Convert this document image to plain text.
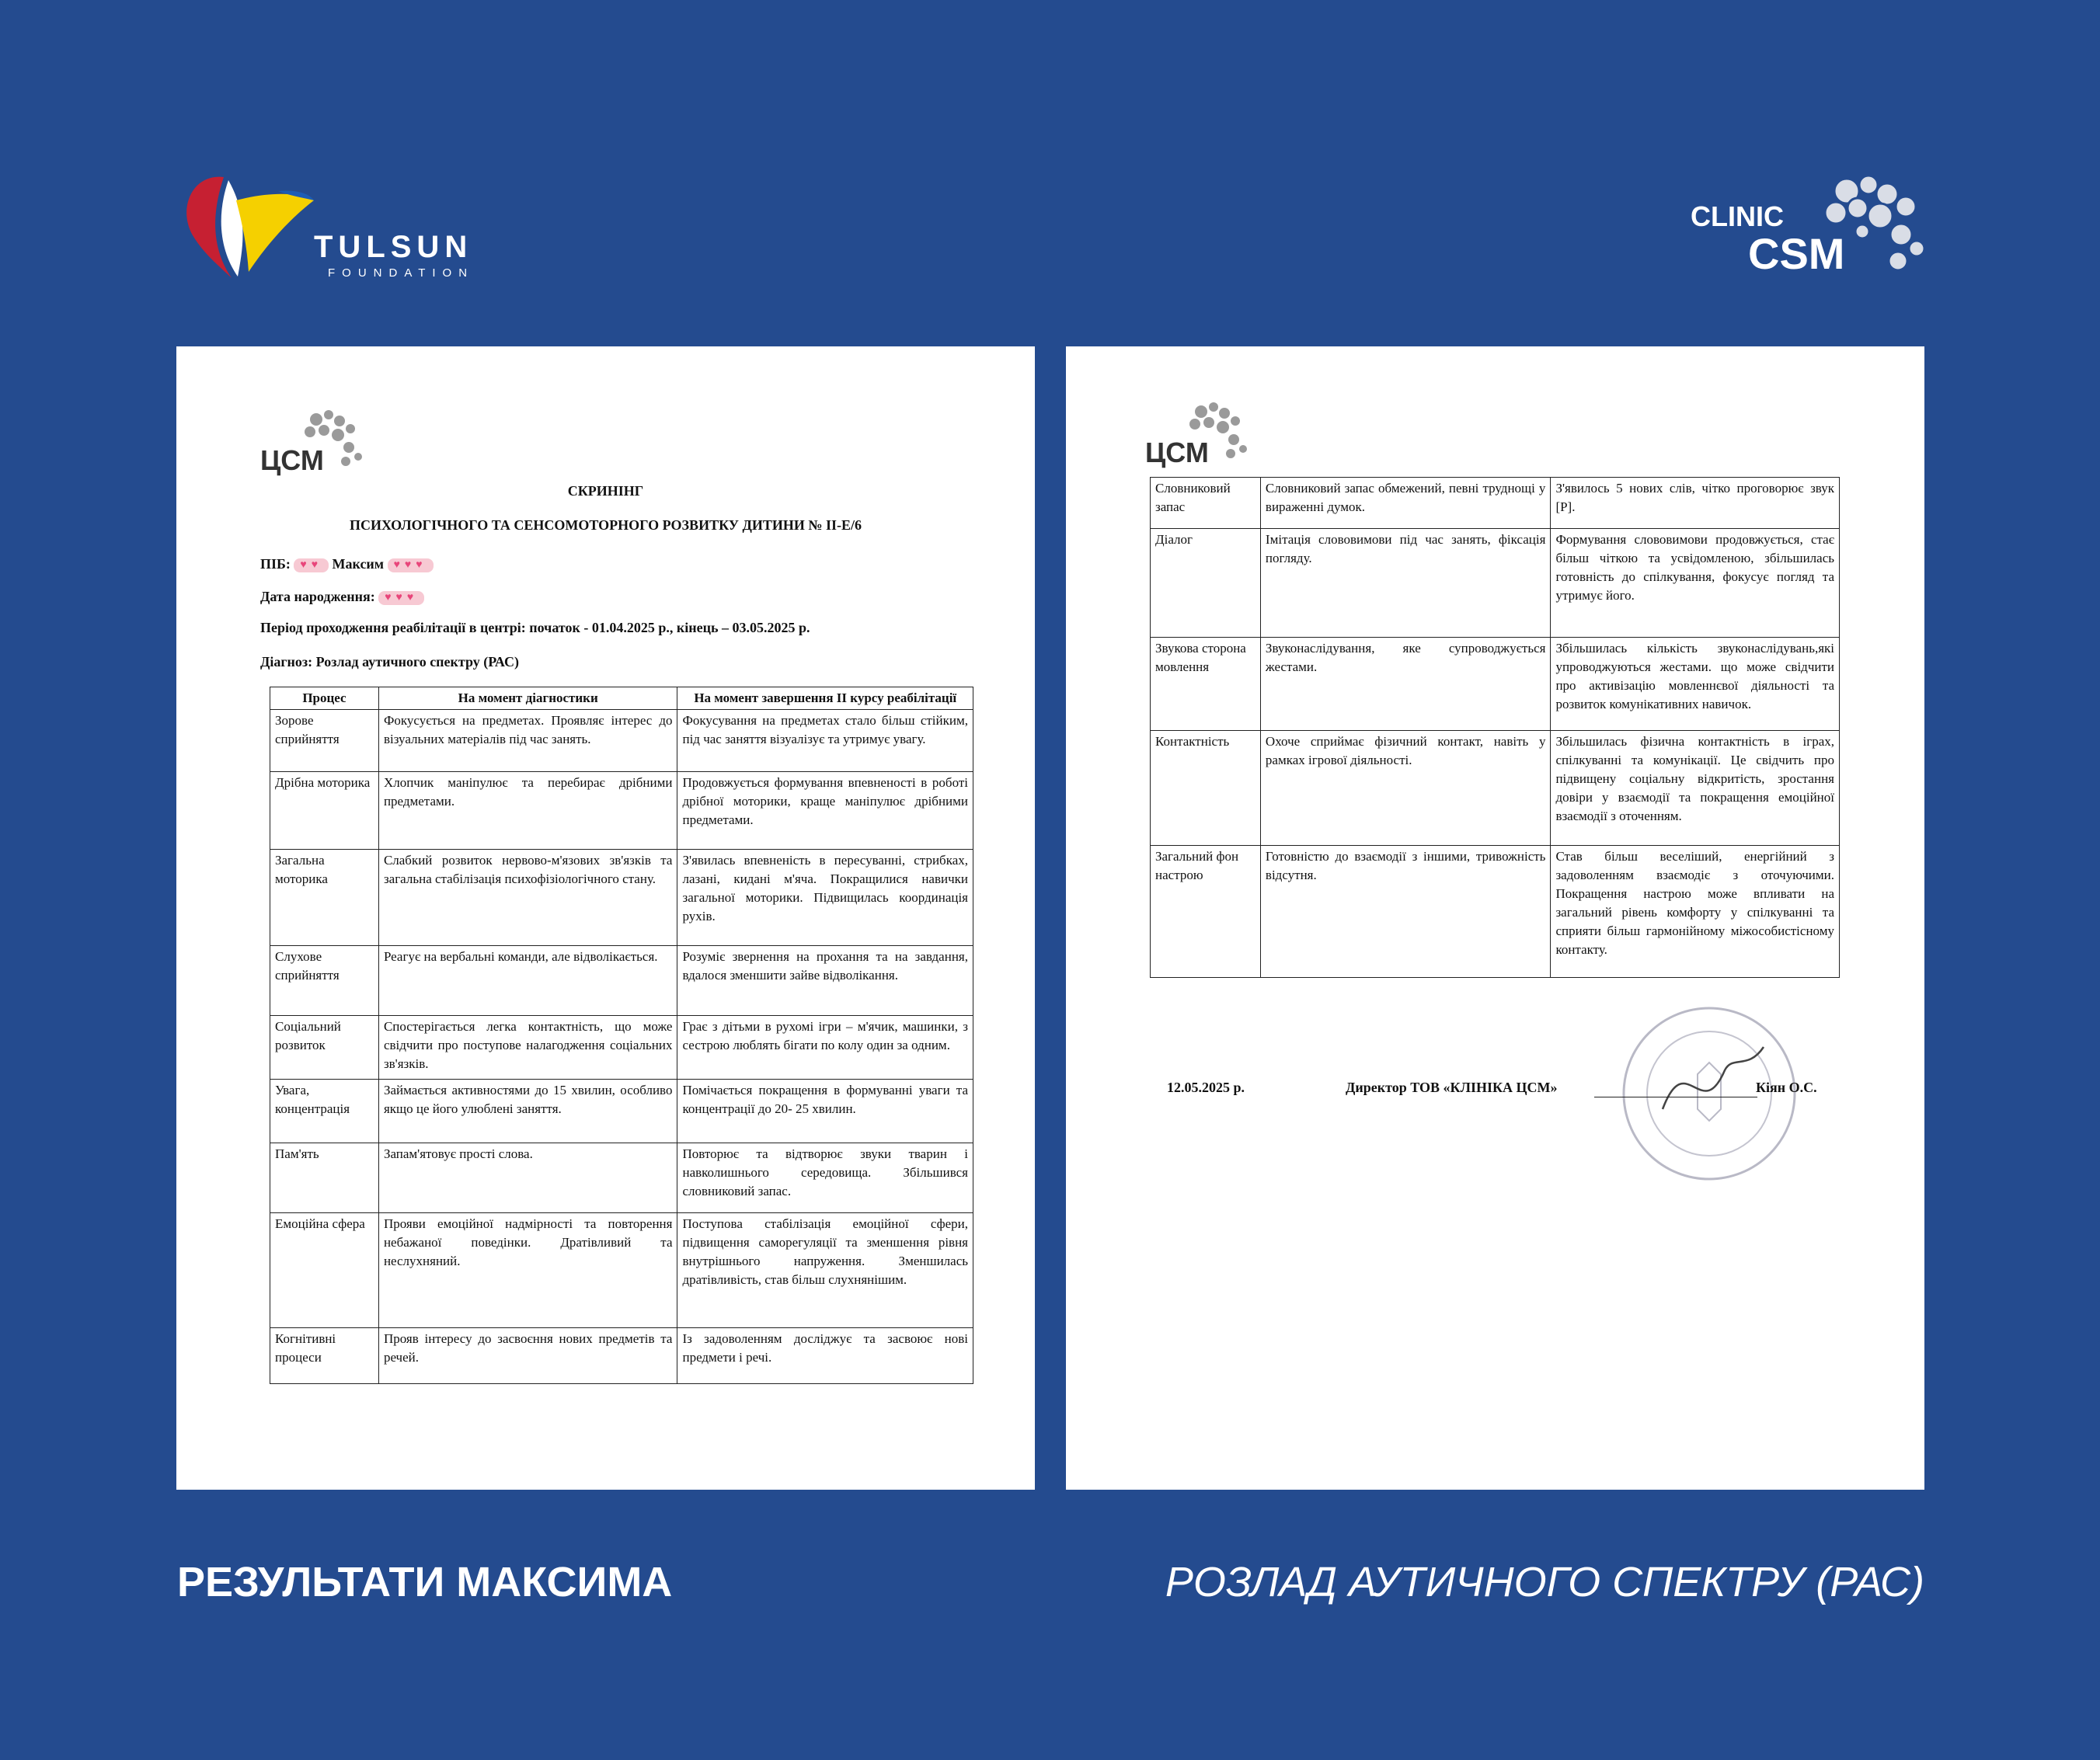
TULSUN
FOUNDATION
CLINIC
CSM
ЦСМ
СКРИНІНГ
ПСИХОЛОГІЧНОГО ТА СЕНСОМОТОРНОГО РОЗВИТКУ ДИТИНИ № ІІ-Е/6
ПІБ: ♥♥ Максим ♥♥♥
Дата народження: ♥♥♥
Період проходження реабілітації в центрі: початок - 01.04.2025 р., кінець – 03.05.2025 р.
Діагноз: Розлад аутичного спектру (РАС)
Процес	На момент діагностики	На момент завершення ІІ курсу реабілітації
Зорове сприйняття	Фокусується на предметах. Проявляє інтерес до візуальних матеріалів під час занять.	Фокусування на предметах стало більш стійким, під час заняття візуалізує та утримує увагу.
Дрібна моторика	Хлопчик маніпулює та перебирає дрібними предметами.	Продовжується формування впевненості в роботі дрібної моторики, краще маніпулює дрібними предметами.
Загальна моторика	Слабкий розвиток нервово-м'язових зв'язків та загальна стабілізація психофізіологічного стану.	З'явилась впевненість в пересуванні, стрибках, лазані, кидані м'яча. Покращилися навички загальної моторики. Підвищилась координація рухів.
Слухове сприйняття	Реагує на вербальні команди, але відволікається.	Розуміє звернення на прохання та на завдання, вдалося зменшити зайве відволікання.
Соціальний розвиток	Спостерігається легка контактність, що може свідчити про поступове налагодження соціальних зв'язків.	Грає з дітьми в рухомі ігри – м'ячик, машинки, з сестрою люблять бігати по колу один за одним.
Увага, концентрація	Займається активностями до 15 хвилин, особливо якщо це його улюблені заняття.	Помічається покращення в формуванні уваги та концентрації до 20- 25 хвилин.
Пам'ять	Запам'ятовує прості слова.	Повторює та відтворює звуки тварин і навколишнього середовища. Збільшився словниковий запас.
Емоційна сфера	Прояви емоційної надмірності та повторення небажаної поведінки. Дратівливий та неслухняний.	Поступова стабілізація емоційної сфери, підвищення саморегуляції та зменшення рівня внутрішнього напруження. Зменшилась дратівливість, став більш слухнянішим.
Когнітивні процеси	Прояв інтересу до засвоєння нових предметів та речей.	Із задоволенням досліджує та засвоює нові предмети і речі.
ЦСМ
Словниковий запас	Словниковий запас обмежений, певні труднощі у вираженні думок.	З'явилось 5 нових слів, чітко проговорює звук [Р].
Діалог	Імітація слововимови під час занять, фіксація погляду.	Формування слововимови продовжується, стає більш чіткою та усвідомленою, збільшилась готовність до спілкування, фокусує погляд та утримує його.
Звукова сторона мовлення	Звуконаслідування, яке супроводжується жестами.	Збільшилась кількість звуконаслідувань,які упроводжуються жестами. що може свідчити про активізацію мовленнєвої діяльності та розвиток комунікативних навичок.
Контактність	Охоче сприймає фізичний контакт, навіть у рамках ігрової діяльності.	Збільшилась фізична контактність в іграх, спілкуванні та комунікації. Це свідчить про підвищену соціальну відкритість, зростання довіри у взаємодії та покращення емоційної взаємодії з оточенням.
Загальний фон настрою	Готовністю до взаємодії з іншими, тривожність відсутня.	Став більш веселіший, енергійний з задоволенням взаємодіє з оточуючими. Покращення настрою може впливати на загальний рівень комфорту у спілкуванні та сприяти більш гармонійному міжособистісному контакту.
12.05.2025 р.	Директор ТОВ «КЛІНІКА ЦСМ»	Кіян О.С.
РЕЗУЛЬТАТИ МАКСИМА	РОЗЛАД АУТИЧНОГО СПЕКТРУ (РАС)
